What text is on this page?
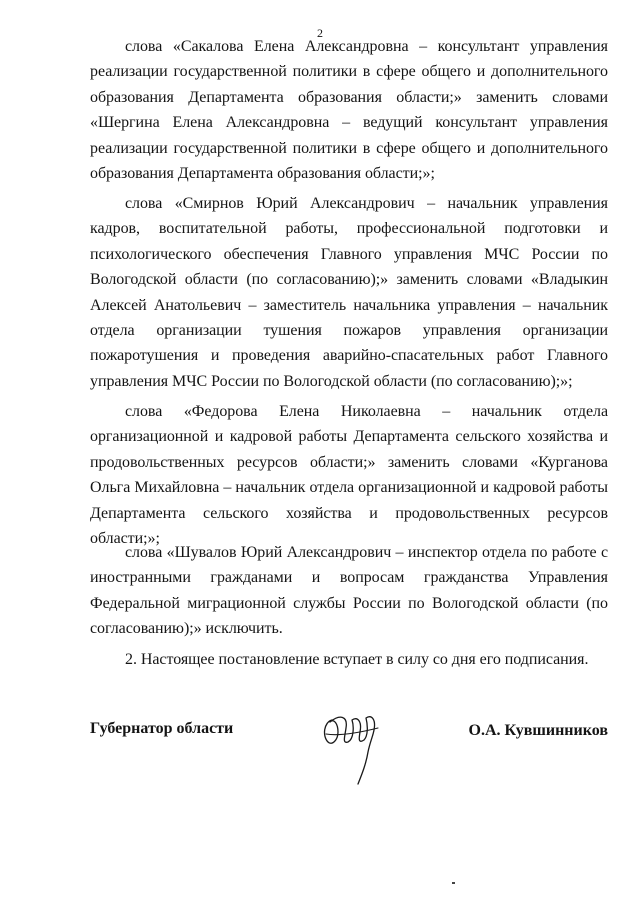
2

слова «Сакалова Елена Александровна – консультант управления реализации государственной политики в сфере общего и дополнительного образования Департамента образования области;» заменить словами «Шергина Елена Александровна – ведущий консультант управления реализации государственной политики в сфере общего и дополнительного образования Департамента образования области;»;

слова «Смирнов Юрий Александрович – начальник управления кадров, воспитательной работы, профессиональной подготовки и психологического обеспечения Главного управления МЧС России по Вологодской области (по согласованию);» заменить словами «Владыкин Алексей Анатольевич – заместитель начальника управления – начальник отдела организации тушения пожаров управления организации пожаротушения и проведения аварийно-спасательных работ Главного управления МЧС России по Вологодской области (по согласованию);»;

слова «Федорова Елена Николаевна – начальник отдела организационной и кадровой работы Департамента сельского хозяйства и продовольственных ресурсов области;» заменить словами «Курганова Ольга Михайловна – начальник отдела организационной и кадровой работы Департамента сельского хозяйства и продовольственных ресурсов области;»;

слова «Шувалов Юрий Александрович – инспектор отдела по работе с иностранными гражданами и вопросам гражданства Управления Федеральной миграционной службы России по Вологодской области (по согласованию);» исключить.

2. Настоящее постановление вступает в силу со дня его подписания.

Губернатор области	О.А. Кувшинников
